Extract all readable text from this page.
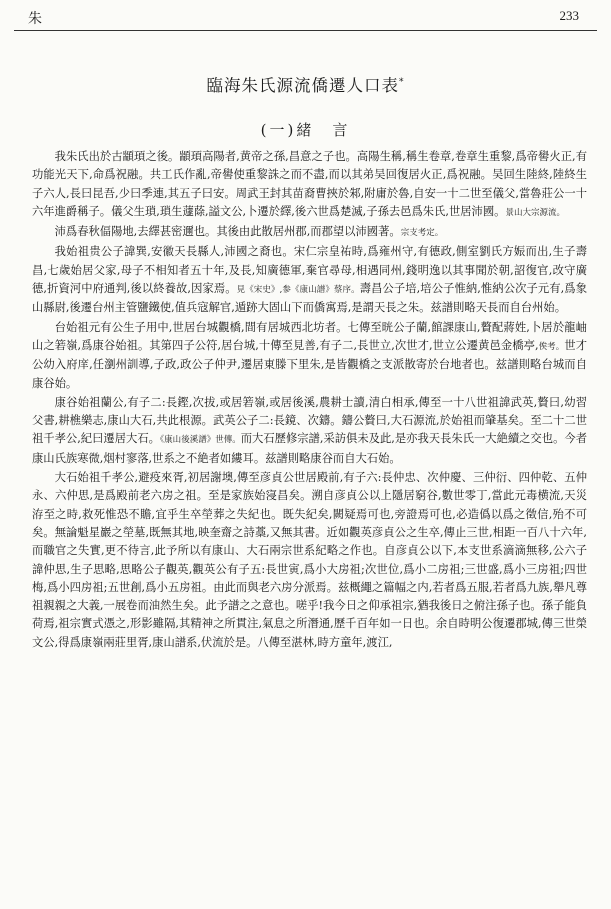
朱	233
臨海朱氏源流僑遷人口表*
(一)緒　言

我朱氏出於古顓頊之後。顓頊高陽者,黄帝之孫,昌意之子也。高陽生稱,稱生卷章,卷章生重黎,爲帝嚳火正,有功能光天下,命爲祝融。共工氏作亂,帝嚳使重黎誅之而不盡,而以其弟吴回復居火正,爲祝融。吴回生陸終,陸終生子六人,長曰昆吾,少曰季連,其五子曰安。周武王封其苗裔曹挾於邾,附庸於魯,自安一十二世至儀父,當魯莊公一十六年進爵稱子。儀父生瑣,瑣生蘧蒢,謚文公,卜遷於繹,後六世爲楚滅,子孫去邑爲朱氏,世居沛國。景山大宗源流。

沛爲春秋偪陽地,去繹甚密邇也。其後由此散居州郡,而郡望以沛國著。宗支考定。

我始祖贵公子諱巽,安徽天長縣人,沛國之裔也。宋仁宗皇祐時,爲雍州守,有德政,側室劉氏方娠而出,生子壽昌,七歲始居父家,母子不相知者五十年,及長,知廣德軍,棄官尋母,相遇同州,錢明逸以其事聞於朝,詔復官,改守廣德,折資河中府通判,後以終養故,因家焉。見《宋史》,参《康山譜》蔡序。壽昌公子培,培公子惟納,惟納公次子元有,爲象山縣尉,後遷台州主管鹽鐵使,值兵寇解官,遁跡大固山下而僑寓焉,是謂天長之朱。兹譜則略天長而自台州始。

台始祖元有公生子用中,世居台城觀橋,間有居城西北坊者。七傳至晄公子蘭,館課康山,贅配蔣姓,卜居於龍岫山之箬嶺,爲康谷始祖。其第四子公符,居台城,十傳至見善,有子二,長世立,次世才,世立公遷黄邑金橋亭,俟考。世才公幼入府庠,任瀏州訓導,子政,政公子仲尹,遷居東滕下里朱,是皆觀橋之支派散寄於台地者也。兹譜則略台城而自康谷始。

康谷始祖蘭公,有子二:長鏗,次拔,或居箬嶺,或居後溪,農耕士讀,清白相承,傳至一十八世祖諱武英,贅曰,幼習父書,耕樵樂志,康山大石,共此根源。武英公子二:長鏡、次鑄。鑄公贅曰,大石源流,於始祖而肇基矣。至二十二世祖千孝公,紀曰遷居大石。《康山後溪譜》世傳。而大石歷修宗譜,采訪俱未及此,是亦我天長朱氏一大絶續之交也。今者康山氏族寒微,烟村寥落,世系之不絶者如縷耳。兹譜則略康谷而自大石始。

大石始祖千孝公,避疫來胥,初居謝墺,傳至彦貞公世居殿前,有子六:長仲忠、次仲慶、三仲衍、四仲乾、五仲永、六仲思,是爲殿前老六房之祖。至是家族始寖昌矣。溯自彦貞公以上隱居窮谷,數世零丁,當此元毒横流,天災洊至之時,救死惟恐不贍,宜乎生卒塋葬之失紀也。既失紀矣,闕疑焉可也,旁證焉可也,必造僞以爲之徵信,殆不可矣。無論魁星巖之塋墓,既無其地,映奎齋之詩藁,又無其書。近如觀英彦貞公之生卒,傳止三世,相距一百八十六年,而職官之失實,更不待言,此予所以有康山、大石兩宗世系紀略之作也。自彦貞公以下,本支世系滴滴無移,公六子諱仲思,生子思略,思略公子觀英,觀英公有子五:長世寅,爲小大房祖;次世位,爲小二房祖;三世盛,爲小三房祖;四世梅,爲小四房祖;五世創,爲小五房祖。由此而與老六房分派焉。兹概繩之篇幅之内,若者爲五服,若者爲九族,舉凡尊祖親親之大義,一展卷而油然生矣。此予譜之之意也。嗟乎!我今日之仰承祖宗,猶我後日之俯注孫子也。孫子能負荷焉,祖宗實式憑之,形影雖隔,其精神之所貫注,氣息之所潛通,歷千百年如一日也。余自時明公復遷郡城,傳三世榮文公,得爲康嶺兩莊里胥,康山譜系,伏流於是。八傳至湛林,時方童年,渡江,
